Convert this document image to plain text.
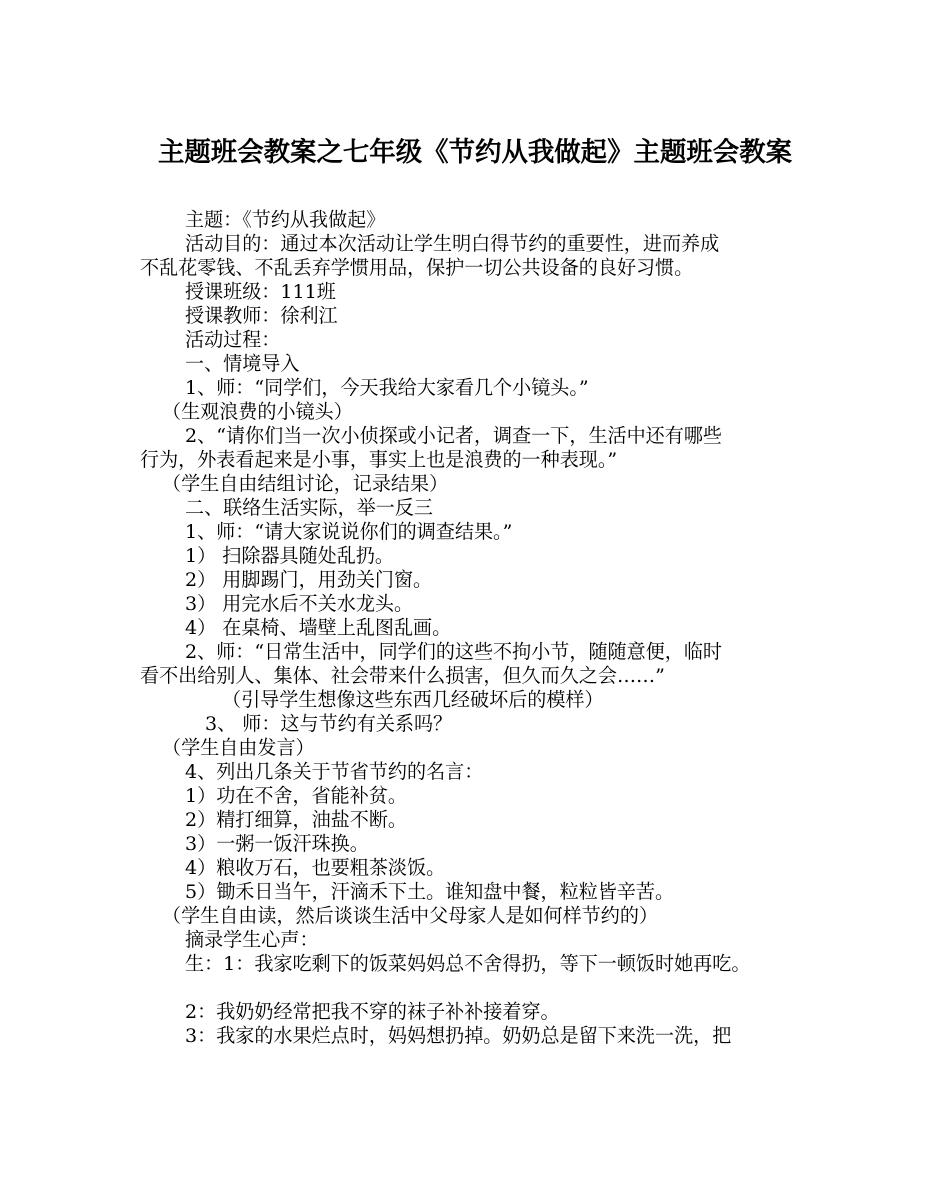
主题班会教案之七年级《节约从我做起》主题班会教案
主题：《节约从我做起》
活动目的：通过本次活动让学生明白得节约的重要性，进而养成
不乱花零钱、不乱丢弃学惯用品，保护一切公共设备的良好习惯。
授课班级：111班
授课教师：徐利江
活动过程：
一、情境导入
1、师：“同学们，今天我给大家看几个小镜头。”
（生观浪费的小镜头）
2、“请你们当一次小侦探或小记者，调查一下，生活中还有哪些
行为，外表看起来是小事，事实上也是浪费的一种表现。”
（学生自由结组讨论，记录结果）
二、联络生活实际，举一反三
1、师：“请大家说说你们的调查结果。”
1） 扫除器具随处乱扔。
2） 用脚踢门，用劲关门窗。
3） 用完水后不关水龙头。
4） 在桌椅、墙壁上乱图乱画。
2、师：“日常生活中，同学们的这些不拘小节，随随意便，临时
看不出给别人、集体、社会带来什么损害，但久而久之会……”
（引导学生想像这些东西几经破坏后的模样）
3、 师：这与节约有关系吗？
（学生自由发言）
4、列出几条关于节省节约的名言：
1）功在不舍，省能补贫。
2）精打细算，油盐不断。
3）一粥一饭汗珠换。
4）粮收万石，也要粗茶淡饭。
5）锄禾日当午，汗滴禾下土。谁知盘中餐，粒粒皆辛苦。
（学生自由读，然后谈谈生活中父母家人是如何样节约的）
摘录学生心声：
生：1：我家吃剩下的饭菜妈妈总不舍得扔，等下一顿饭时她再吃。
2：我奶奶经常把我不穿的袜子补补接着穿。
3：我家的水果烂点时，妈妈想扔掉。奶奶总是留下来洗一洗，把
